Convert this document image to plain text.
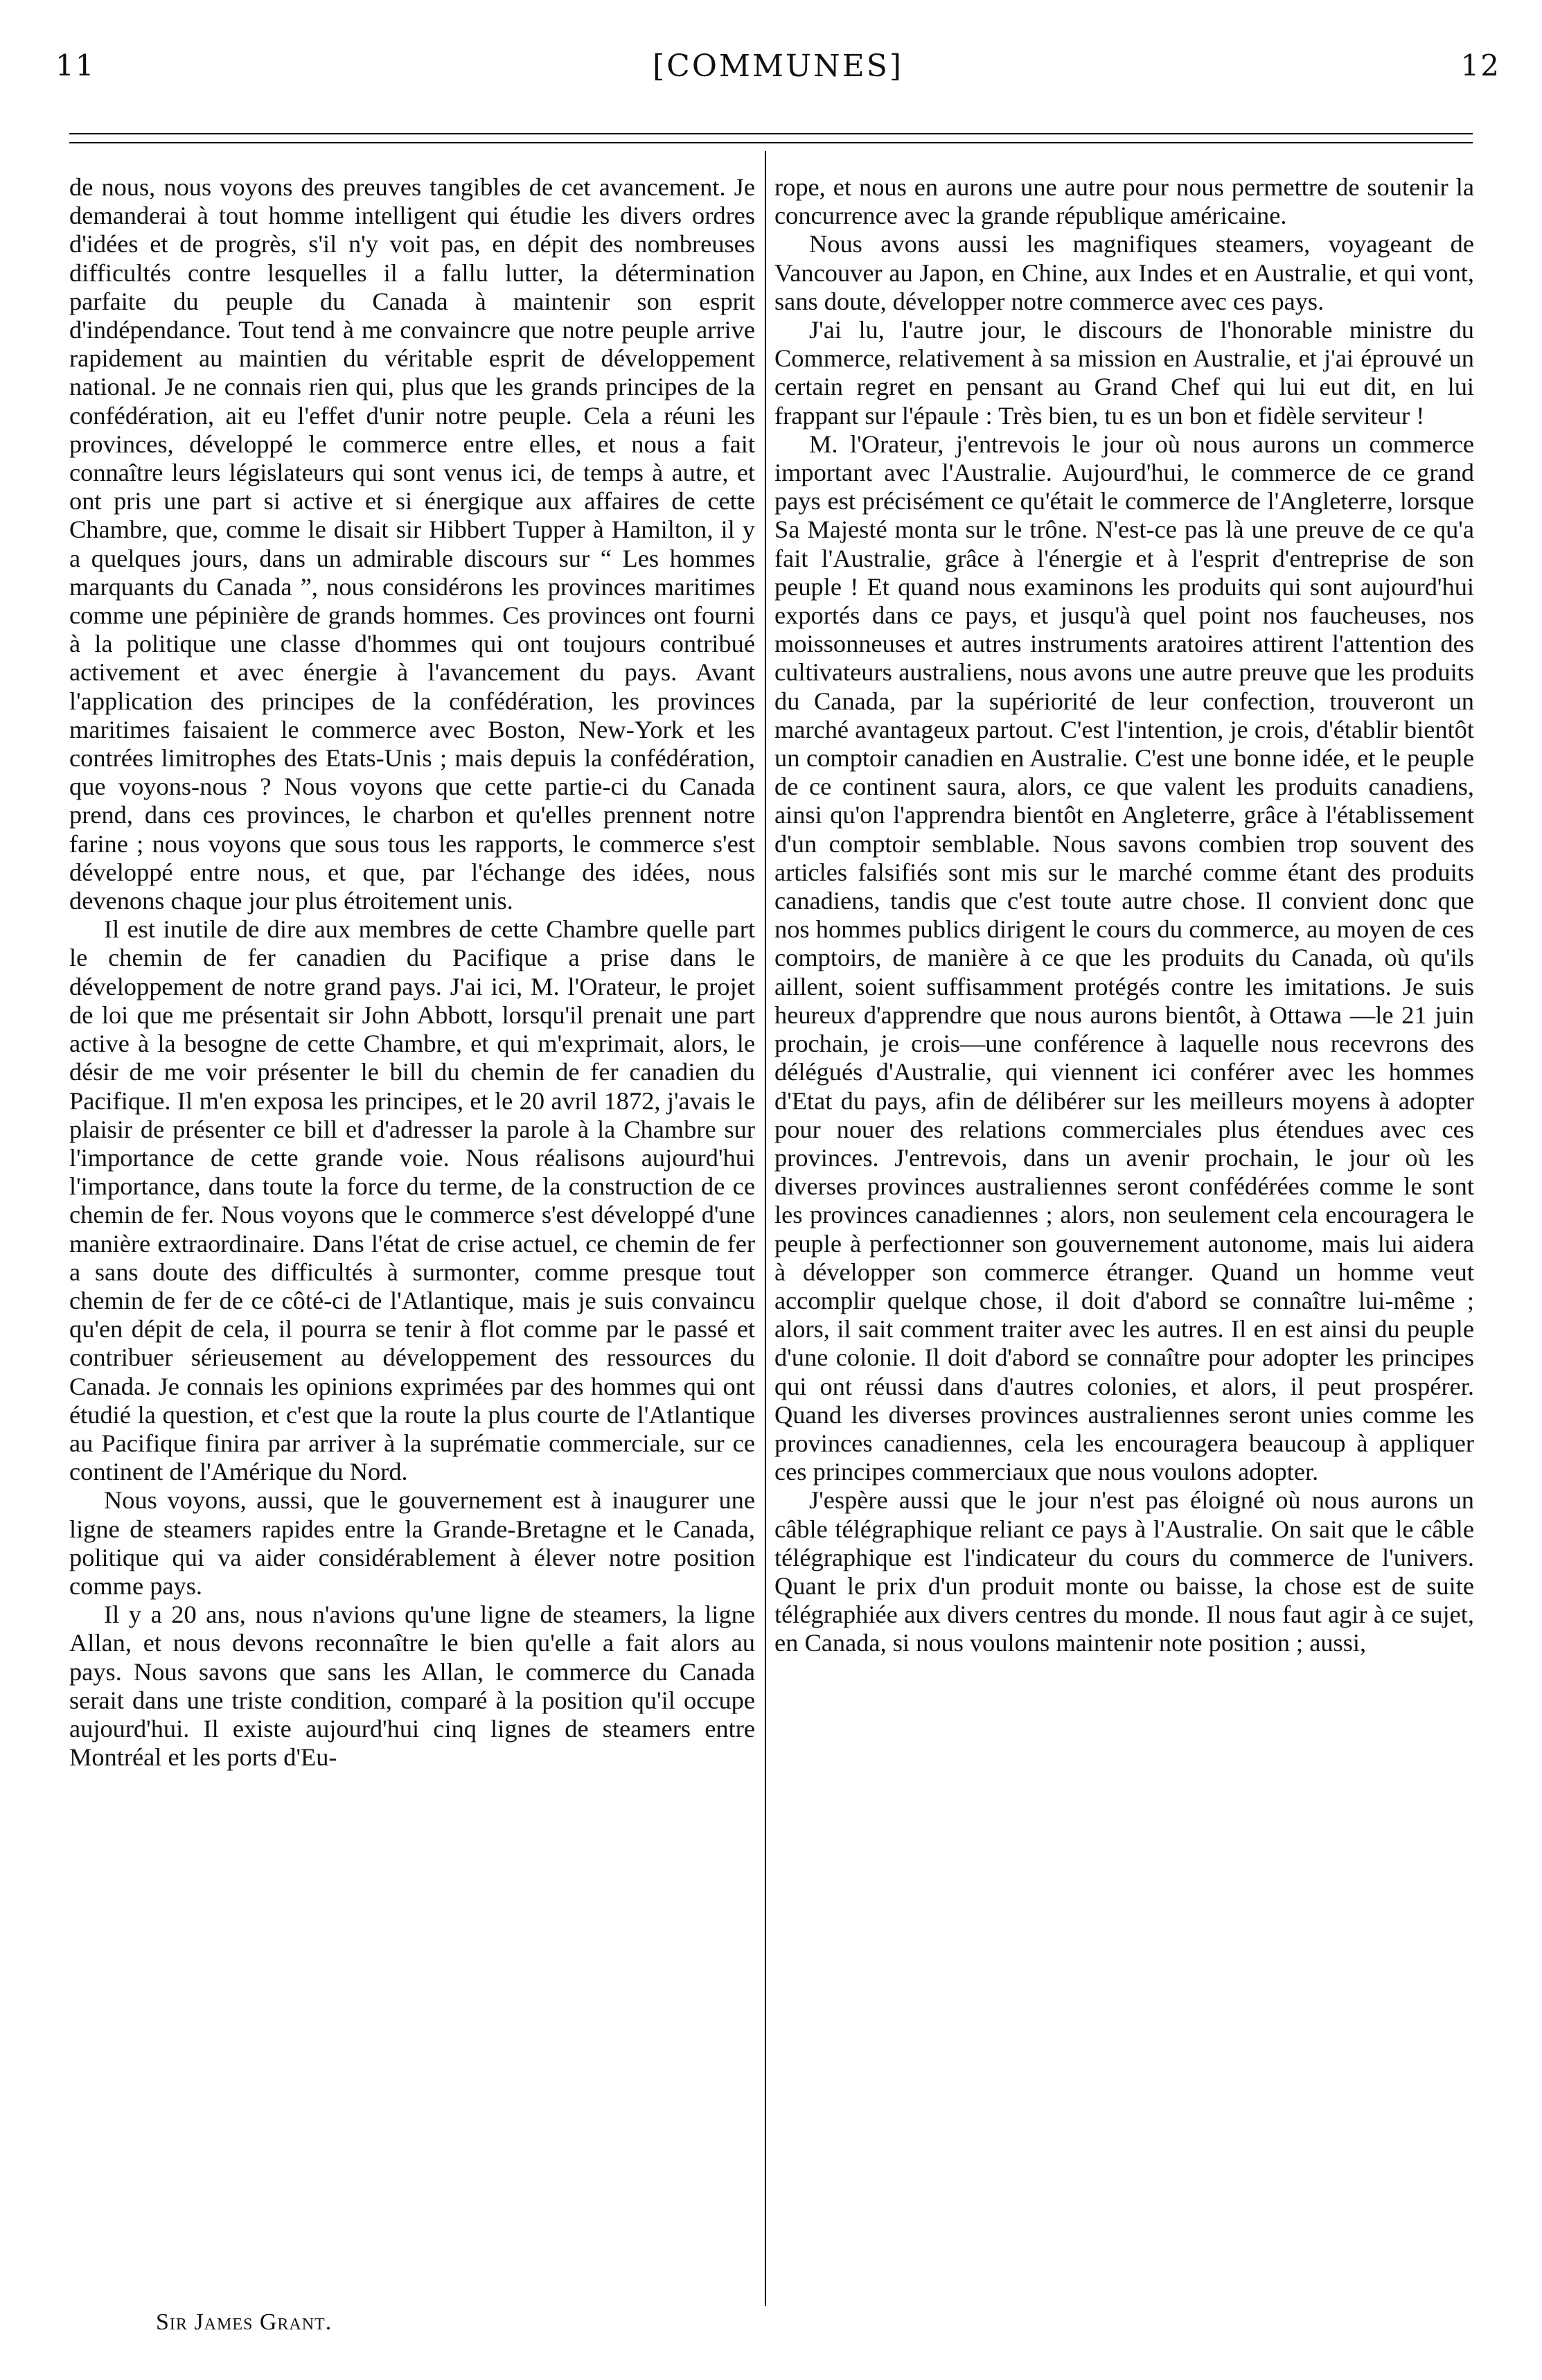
11	[COMMUNES]	12

de nous, nous voyons des preuves tangibles de cet avancement. Je demanderai à tout homme intelligent qui étudie les divers ordres d'idées et de progrès, s'il n'y voit pas, en dépit des nombreuses difficultés contre lesquelles il a fallu lutter, la détermination parfaite du peuple du Canada à maintenir son esprit d'indépendance. Tout tend à me convaincre que notre peuple arrive rapidement au maintien du véritable esprit de développement national. Je ne connais rien qui, plus que les grands principes de la confédération, ait eu l'effet d'unir notre peuple. Cela a réuni les provinces, développé le commerce entre elles, et nous a fait connaître leurs législateurs qui sont venus ici, de temps à autre, et ont pris une part si active et si énergique aux affaires de cette Chambre, que, comme le disait sir Hibbert Tupper à Hamilton, il y a quelques jours, dans un admirable discours sur “ Les hommes marquants du Canada ”, nous considérons les provinces maritimes comme une pépinière de grands hommes. Ces provinces ont fourni à la politique une classe d'hommes qui ont toujours contribué activement et avec énergie à l'avancement du pays. Avant l'application des principes de la confédération, les provinces maritimes faisaient le commerce avec Boston, New-York et les contrées limitrophes des Etats-Unis ; mais depuis la confédération, que voyons-nous ? Nous voyons que cette partie-ci du Canada prend, dans ces provinces, le charbon et qu'elles prennent notre farine ; nous voyons que sous tous les rapports, le commerce s'est développé entre nous, et que, par l'échange des idées, nous devenons chaque jour plus étroitement unis.

Il est inutile de dire aux membres de cette Chambre quelle part le chemin de fer canadien du Pacifique a prise dans le développement de notre grand pays. J'ai ici, M. l'Orateur, le projet de loi que me présentait sir John Abbott, lorsqu'il prenait une part active à la besogne de cette Chambre, et qui m'exprimait, alors, le désir de me voir présenter le bill du chemin de fer canadien du Pacifique. Il m'en exposa les principes, et le 20 avril 1872, j'avais le plaisir de présenter ce bill et d'adresser la parole à la Chambre sur l'importance de cette grande voie. Nous réalisons aujourd'hui l'importance, dans toute la force du terme, de la construction de ce chemin de fer. Nous voyons que le commerce s'est développé d'une manière extraordinaire. Dans l'état de crise actuel, ce chemin de fer a sans doute des difficultés à surmonter, comme presque tout chemin de fer de ce côté-ci de l'Atlantique, mais je suis convaincu qu'en dépit de cela, il pourra se tenir à flot comme par le passé et contribuer sérieusement au développement des ressources du Canada. Je connais les opinions exprimées par des hommes qui ont étudié la question, et c'est que la route la plus courte de l'Atlantique au Pacifique finira par arriver à la suprématie commerciale, sur ce continent de l'Amérique du Nord.

Nous voyons, aussi, que le gouvernement est à inaugurer une ligne de steamers rapides entre la Grande-Bretagne et le Canada, politique qui va aider considérablement à élever notre position comme pays.

Il y a 20 ans, nous n'avions qu'une ligne de steamers, la ligne Allan, et nous devons reconnaître le bien qu'elle a fait alors au pays. Nous savons que sans les Allan, le commerce du Canada serait dans une triste condition, comparé à la position qu'il occupe aujourd'hui. Il existe aujourd'hui cinq lignes de steamers entre Montréal et les ports d'Eu-

rope, et nous en aurons une autre pour nous permettre de soutenir la concurrence avec la grande république américaine.

Nous avons aussi les magnifiques steamers, voyageant de Vancouver au Japon, en Chine, aux Indes et en Australie, et qui vont, sans doute, développer notre commerce avec ces pays.

J'ai lu, l'autre jour, le discours de l'honorable ministre du Commerce, relativement à sa mission en Australie, et j'ai éprouvé un certain regret en pensant au Grand Chef qui lui eut dit, en lui frappant sur l'épaule : Très bien, tu es un bon et fidèle serviteur !

M. l'Orateur, j'entrevois le jour où nous aurons un commerce important avec l'Australie. Aujourd'hui, le commerce de ce grand pays est précisément ce qu'était le commerce de l'Angleterre, lorsque Sa Majesté monta sur le trône. N'est-ce pas là une preuve de ce qu'a fait l'Australie, grâce à l'énergie et à l'esprit d'entreprise de son peuple ! Et quand nous examinons les produits qui sont aujourd'hui exportés dans ce pays, et jusqu'à quel point nos faucheuses, nos moissonneuses et autres instruments aratoires attirent l'attention des cultivateurs australiens, nous avons une autre preuve que les produits du Canada, par la supériorité de leur confection, trouveront un marché avantageux partout. C'est l'intention, je crois, d'établir bientôt un comptoir canadien en Australie. C'est une bonne idée, et le peuple de ce continent saura, alors, ce que valent les produits canadiens, ainsi qu'on l'apprendra bientôt en Angleterre, grâce à l'établissement d'un comptoir semblable. Nous savons combien trop souvent des articles falsifiés sont mis sur le marché comme étant des produits canadiens, tandis que c'est toute autre chose. Il convient donc que nos hommes publics dirigent le cours du commerce, au moyen de ces comptoirs, de manière à ce que les produits du Canada, où qu'ils aillent, soient suffisamment protégés contre les imitations. Je suis heureux d'apprendre que nous aurons bientôt, à Ottawa —le 21 juin prochain, je crois—une conférence à laquelle nous recevrons des délégués d'Australie, qui viennent ici conférer avec les hommes d'Etat du pays, afin de délibérer sur les meilleurs moyens à adopter pour nouer des relations commerciales plus étendues avec ces provinces. J'entrevois, dans un avenir prochain, le jour où les diverses provinces australiennes seront confédérées comme le sont les provinces canadiennes ; alors, non seulement cela encouragera le peuple à perfectionner son gouvernement autonome, mais lui aidera à développer son commerce étranger. Quand un homme veut accomplir quelque chose, il doit d'abord se connaître lui-même ; alors, il sait comment traiter avec les autres. Il en est ainsi du peuple d'une colonie. Il doit d'abord se connaître pour adopter les principes qui ont réussi dans d'autres colonies, et alors, il peut prospérer. Quand les diverses provinces australiennes seront unies comme les provinces canadiennes, cela les encouragera beaucoup à appliquer ces principes commerciaux que nous voulons adopter.

J'espère aussi que le jour n'est pas éloigné où nous aurons un câble télégraphique reliant ce pays à l'Australie. On sait que le câble télégraphique est l'indicateur du cours du commerce de l'univers. Quant le prix d'un produit monte ou baisse, la chose est de suite télégraphiée aux divers centres du monde. Il nous faut agir à ce sujet, en Canada, si nous voulons maintenir note position ; aussi,

Sir James Grant.
